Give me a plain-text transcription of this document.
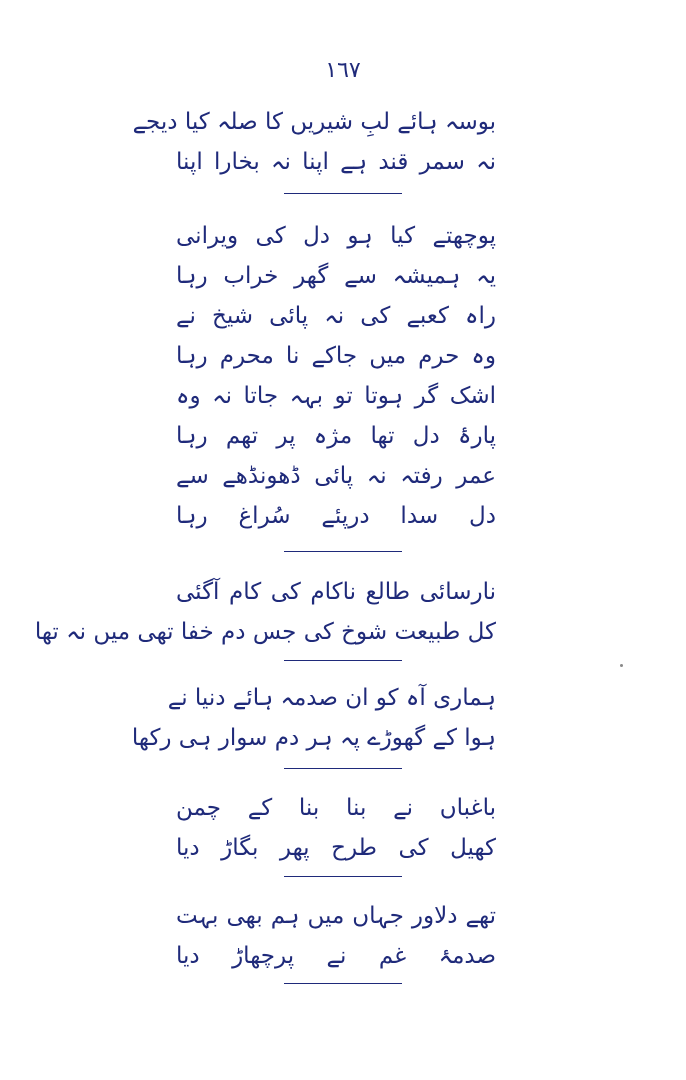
١٦٧
بوسہ ہائے لبِ شیریں کا صلہ کیا دیجے
نہ سمر قند ہے اپنا نہ بخارا اپنا
پوچھتے کیا ہو دل کی ویرانی
یہ ہمیشہ سے گھر خراب رہا
راہ کعبے کی نہ پائی شیخ نے
وہ حرم میں جاکے نا محرم رہا
اشک گر ہوتا تو بہہ جاتا نہ وہ
پارۂ دل تھا مژہ پر تھم رہا
عمر رفتہ نہ پائی ڈھونڈھے سے
دل سدا درپئے سُراغ رہا
نارسائی طالع ناکام کی کام آگئی
کل طبیعت شوخ کی جس دم خفا تھی میں نہ تھا
ہماری آہ کو ان صدمہ ہائے دنیا نے
ہوا کے گھوڑے پہ ہر دم سوار ہی رکھا
باغباں نے بنا بنا کے چمن
کھیل کی طرح پھر بگاڑ دیا
تھے دلاور جہاں میں ہم بھی بہت
صدمۂ غم نے پرچھاڑ دیا
